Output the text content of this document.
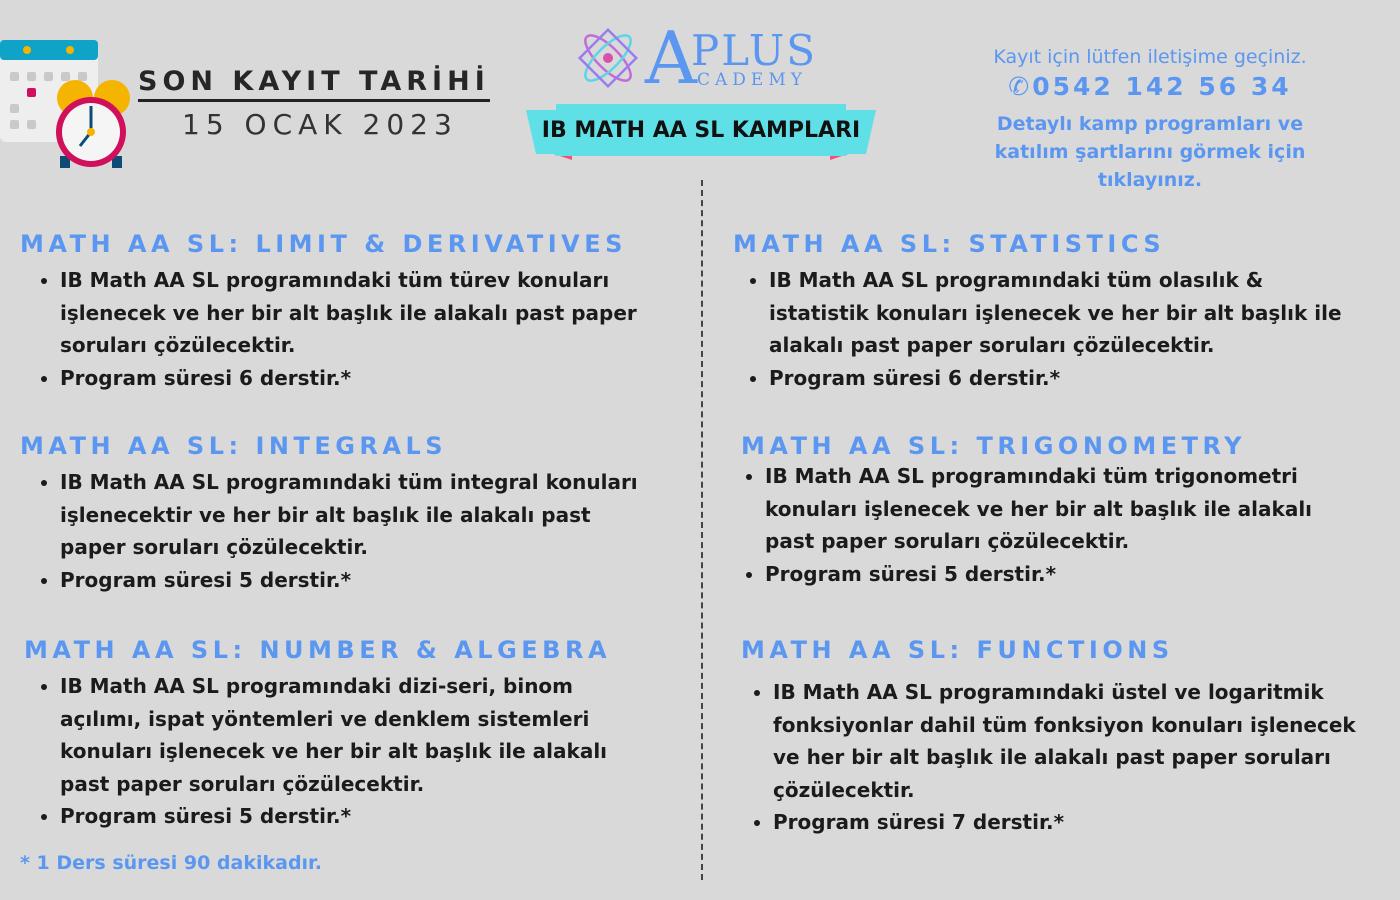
SON KAYIT TARİHİ
15 OCAK 2023
A
PLUS
CADEMY
IB MATH AA SL KAMPLARI
Kayıt için lütfen iletişime geçiniz.
✆0542 142 56 34
Detaylı kamp programları ve katılım şartlarını görmek için tıklayınız.
MATH AA SL: LIMIT & DERIVATIVES
• IB Math AA SL programındaki tüm türev konuları işlenecek ve her bir alt başlık ile alakalı past paper soruları çözülecektir.
• Program süresi 6 derstir.*
MATH AA SL: INTEGRALS
• IB Math AA SL programındaki tüm integral konuları işlenecektir ve her bir alt başlık ile alakalı past paper soruları çözülecektir.
• Program süresi 5 derstir.*
MATH AA SL: NUMBER & ALGEBRA
• IB Math AA SL programındaki dizi-seri, binom açılımı, ispat yöntemleri ve denklem sistemleri konuları işlenecek ve her bir alt başlık ile alakalı past paper soruları çözülecektir.
• Program süresi 5 derstir.*
MATH AA SL: STATISTICS
• IB Math AA SL programındaki tüm olasılık & istatistik konuları işlenecek ve her bir alt başlık ile alakalı past paper soruları çözülecektir.
• Program süresi 6 derstir.*
MATH AA SL: TRIGONOMETRY
• IB Math AA SL programındaki tüm trigonometri konuları işlenecek ve her bir alt başlık ile alakalı past paper soruları çözülecektir.
• Program süresi 5 derstir.*
MATH AA SL: FUNCTIONS
• IB Math AA SL programındaki üstel ve logaritmik fonksiyonlar dahil tüm fonksiyon konuları işlenecek ve her bir alt başlık ile alakalı past paper soruları çözülecektir.
• Program süresi 7 derstir.*
* 1 Ders süresi 90 dakikadır.
